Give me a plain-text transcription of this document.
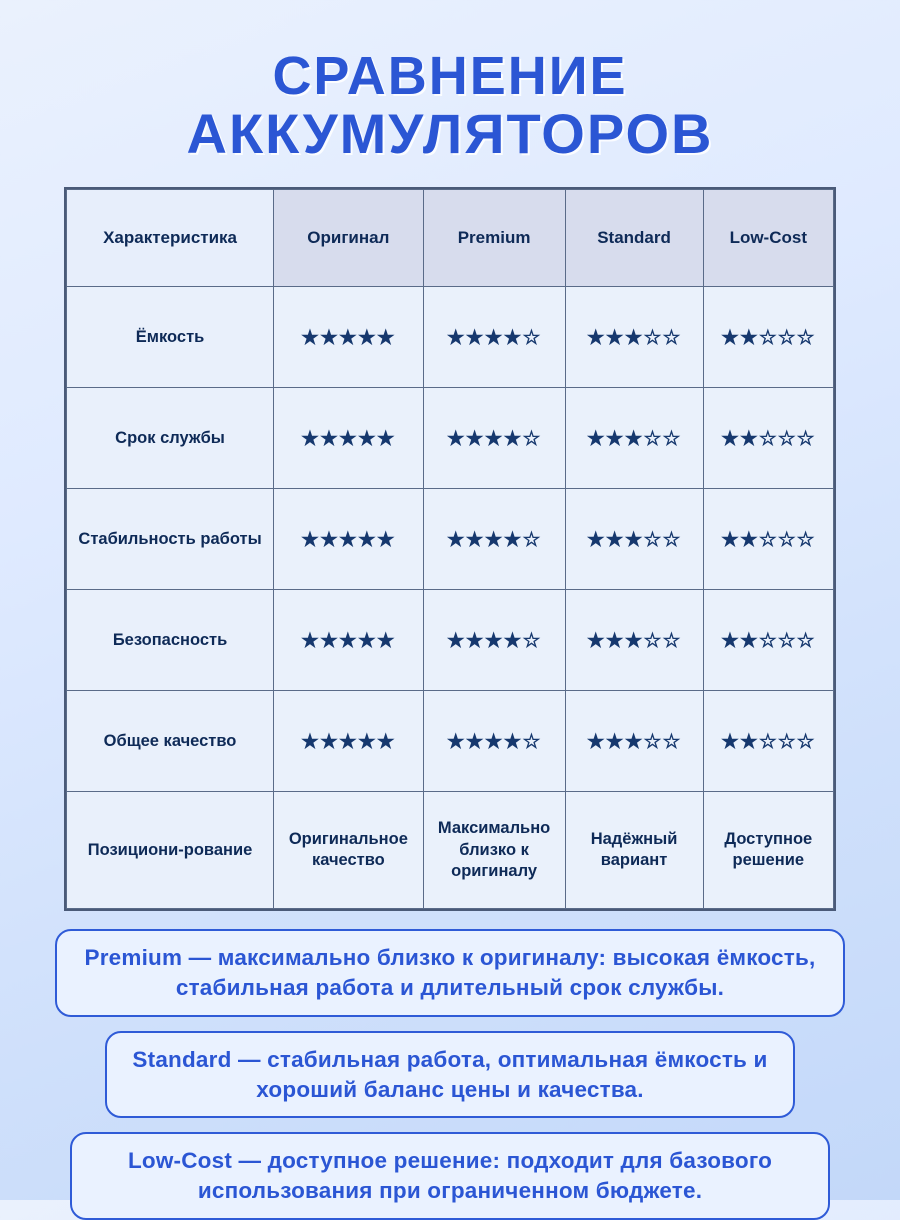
СРАВНЕНИЕ
АККУМУЛЯТОРОВ
Характеристика	Оригинал	Premium	Standard	Low-Cost
Ёмкость	★★★★★	★★★★☆	★★★☆☆	★★☆☆☆
Срок службы	★★★★★	★★★★☆	★★★☆☆	★★☆☆☆
Стабильность работы	★★★★★	★★★★☆	★★★☆☆	★★☆☆☆
Безопасность	★★★★★	★★★★☆	★★★☆☆	★★☆☆☆
Общее качество	★★★★★	★★★★☆	★★★☆☆	★★☆☆☆
Позициони-рование	Оригинальное качество	Максимально близко к оригиналу	Надёжный вариант	Доступное решение
Premium — максимально близко к оригиналу: высокая ёмкость, стабильная работа и длительный срок службы.
Standard — стабильная работа, оптимальная ёмкость и хороший баланс цены и качества.
Low-Cost — доступное решение: подходит для базового использования при ограниченном бюджете.
